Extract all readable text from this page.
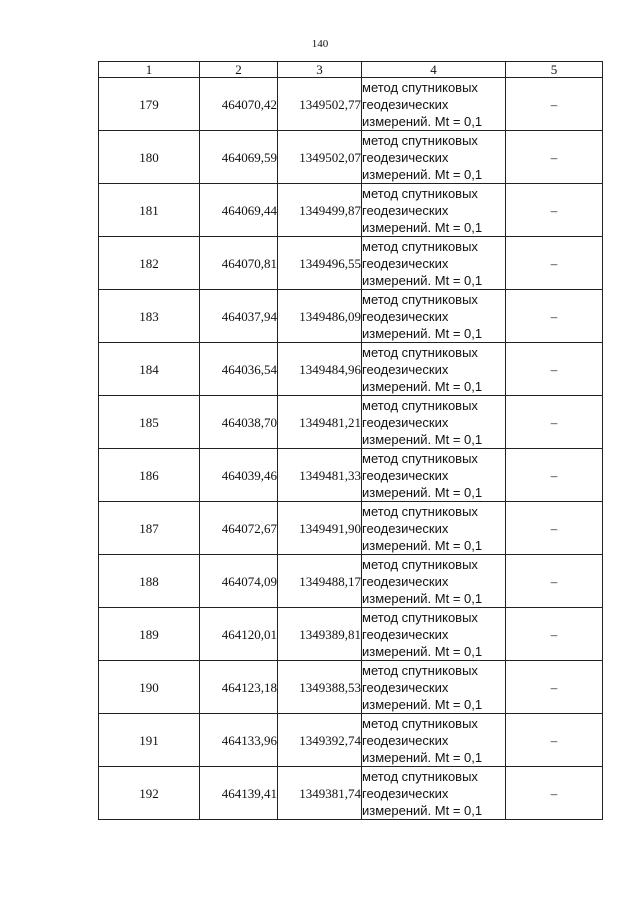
140
1	2	3	4	5
179	464070,42	1349502,77	метод спутниковых
геодезических
измерений. Mt = 0,1	–
180	464069,59	1349502,07	метод спутниковых
геодезических
измерений. Mt = 0,1	–
181	464069,44	1349499,87	метод спутниковых
геодезических
измерений. Mt = 0,1	–
182	464070,81	1349496,55	метод спутниковых
геодезических
измерений. Mt = 0,1	–
183	464037,94	1349486,09	метод спутниковых
геодезических
измерений. Mt = 0,1	–
184	464036,54	1349484,96	метод спутниковых
геодезических
измерений. Mt = 0,1	–
185	464038,70	1349481,21	метод спутниковых
геодезических
измерений. Mt = 0,1	–
186	464039,46	1349481,33	метод спутниковых
геодезических
измерений. Mt = 0,1	–
187	464072,67	1349491,90	метод спутниковых
геодезических
измерений. Mt = 0,1	–
188	464074,09	1349488,17	метод спутниковых
геодезических
измерений. Mt = 0,1	–
189	464120,01	1349389,81	метод спутниковых
геодезических
измерений. Mt = 0,1	–
190	464123,18	1349388,53	метод спутниковых
геодезических
измерений. Mt = 0,1	–
191	464133,96	1349392,74	метод спутниковых
геодезических
измерений. Mt = 0,1	–
192	464139,41	1349381,74	метод спутниковых
геодезических
измерений. Mt = 0,1	–
